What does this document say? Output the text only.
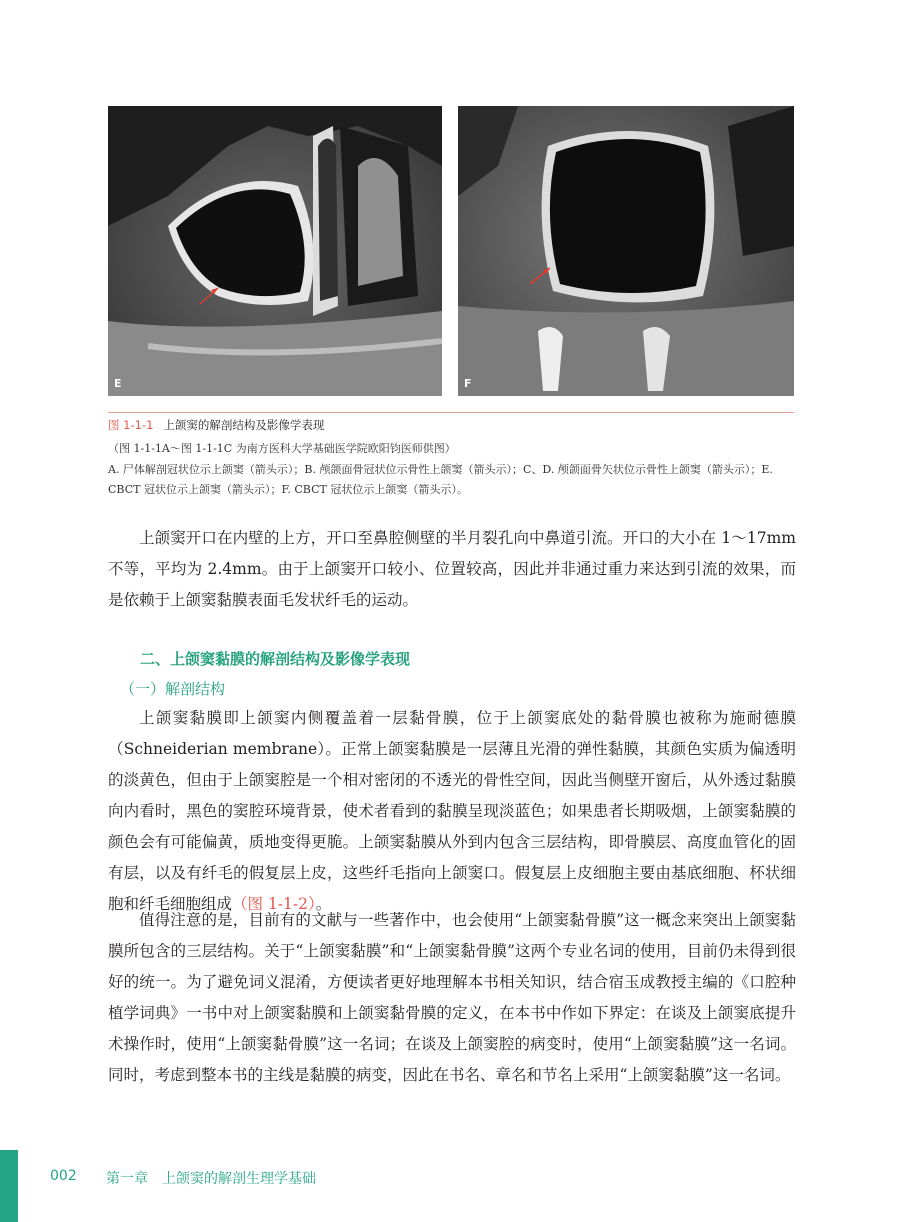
E	F
图 1-1-1 上颌窦的解剖结构及影像学表现
（图 1-1-1A～图 1-1-1C 为南方医科大学基础医学院欧阳钧医师供图）
A. 尸体解剖冠状位示上颌窦（箭头示）；B. 颅颌面骨冠状位示骨性上颌窦（箭头示）；C、D. 颅颌面骨矢状位示骨性上颌窦（箭头示）；E. CBCT 冠状位示上颌窦（箭头示）；F. CBCT 冠状位示上颌窦（箭头示）。
上颌窦开口在内壁的上方，开口至鼻腔侧壁的半月裂孔向中鼻道引流。开口的大小在 1～17mm 不等，平均为 2.4mm。由于上颌窦开口较小、位置较高，因此并非通过重力来达到引流的效果，而是依赖于上颌窦黏膜表面毛发状纤毛的运动。
二、上颌窦黏膜的解剖结构及影像学表现
（一）解剖结构
上颌窦黏膜即上颌窦内侧覆盖着一层黏骨膜，位于上颌窦底处的黏骨膜也被称为施耐德膜（Schneiderian membrane）。正常上颌窦黏膜是一层薄且光滑的弹性黏膜，其颜色实质为偏透明的淡黄色，但由于上颌窦腔是一个相对密闭的不透光的骨性空间，因此当侧壁开窗后，从外透过黏膜向内看时，黑色的窦腔环境背景，使术者看到的黏膜呈现淡蓝色；如果患者长期吸烟，上颌窦黏膜的颜色会有可能偏黄，质地变得更脆。上颌窦黏膜从外到内包含三层结构，即骨膜层、高度血管化的固有层，以及有纤毛的假复层上皮，这些纤毛指向上颌窦口。假复层上皮细胞主要由基底细胞、杯状细胞和纤毛细胞组成（图 1-1-2）。
值得注意的是，目前有的文献与一些著作中，也会使用“上颌窦黏骨膜”这一概念来突出上颌窦黏膜所包含的三层结构。关于“上颌窦黏膜”和“上颌窦黏骨膜”这两个专业名词的使用，目前仍未得到很好的统一。为了避免词义混淆，方便读者更好地理解本书相关知识，结合宿玉成教授主编的《口腔种植学词典》一书中对上颌窦黏膜和上颌窦黏骨膜的定义，在本书中作如下界定：在谈及上颌窦底提升术操作时，使用“上颌窦黏骨膜”这一名词；在谈及上颌窦腔的病变时，使用“上颌窦黏膜”这一名词。同时，考虑到整本书的主线是黏膜的病变，因此在书名、章名和节名上采用“上颌窦黏膜”这一名词。
002 第一章　上颌窦的解剖生理学基础
